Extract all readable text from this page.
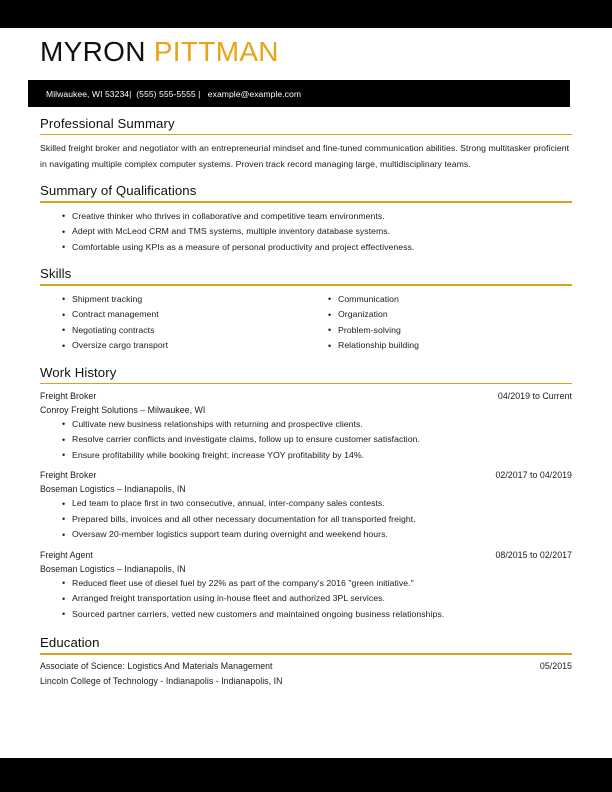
MYRON PITTMAN
Milwaukee, WI 53234|  (555) 555-5555 |   example@example.com
Professional Summary

Skilled freight broker and negotiator with an entrepreneurial mindset and fine-tuned communication abilities. Strong multitasker proficient in navigating multiple complex computer systems. Proven track record managing large, multidisciplinary teams.

Summary of Qualifications
• Creative thinker who thrives in collaborative and competitive team environments.
• Adept with McLeod CRM and TMS systems, multiple inventory database systems.
• Comfortable using KPIs as a measure of personal productivity and project effectiveness.
Skills
• Shipment tracking
• Contract management
• Negotiating contracts
• Oversize cargo transport
• Communication
• Organization
• Problem-solving
• Relationship building
Work History
Freight Broker	04/2019 to Current
Conroy Freight Solutions – Milwaukee, WI
• Cultivate new business relationships with returning and prospective clients.
• Resolve carrier conflicts and investigate claims, follow up to ensure customer satisfaction.
• Ensure profitability while booking freight; increase YOY profitability by 14%.
Freight Broker	02/2017 to 04/2019
Boseman Logistics – Indianapolis, IN
• Led team to place first in two consecutive, annual, inter-company sales contests.
• Prepared bills, invoices and all other necessary documentation for all transported freight.
• Oversaw 20-member logistics support team during overnight and weekend hours.
Freight Agent	08/2015 to 02/2017
Boseman Logistics – Indianapolis, IN
• Reduced fleet use of diesel fuel by 22% as part of the company's 2016 "green initiative."
• Arranged freight transportation using in-house fleet and authorized 3PL services.
• Sourced partner carriers, vetted new customers and maintained ongoing business relationships.
Education
Associate of Science: Logistics And Materials Management	05/2015
Lincoln College of Technology - Indianapolis - Indianapolis, IN
